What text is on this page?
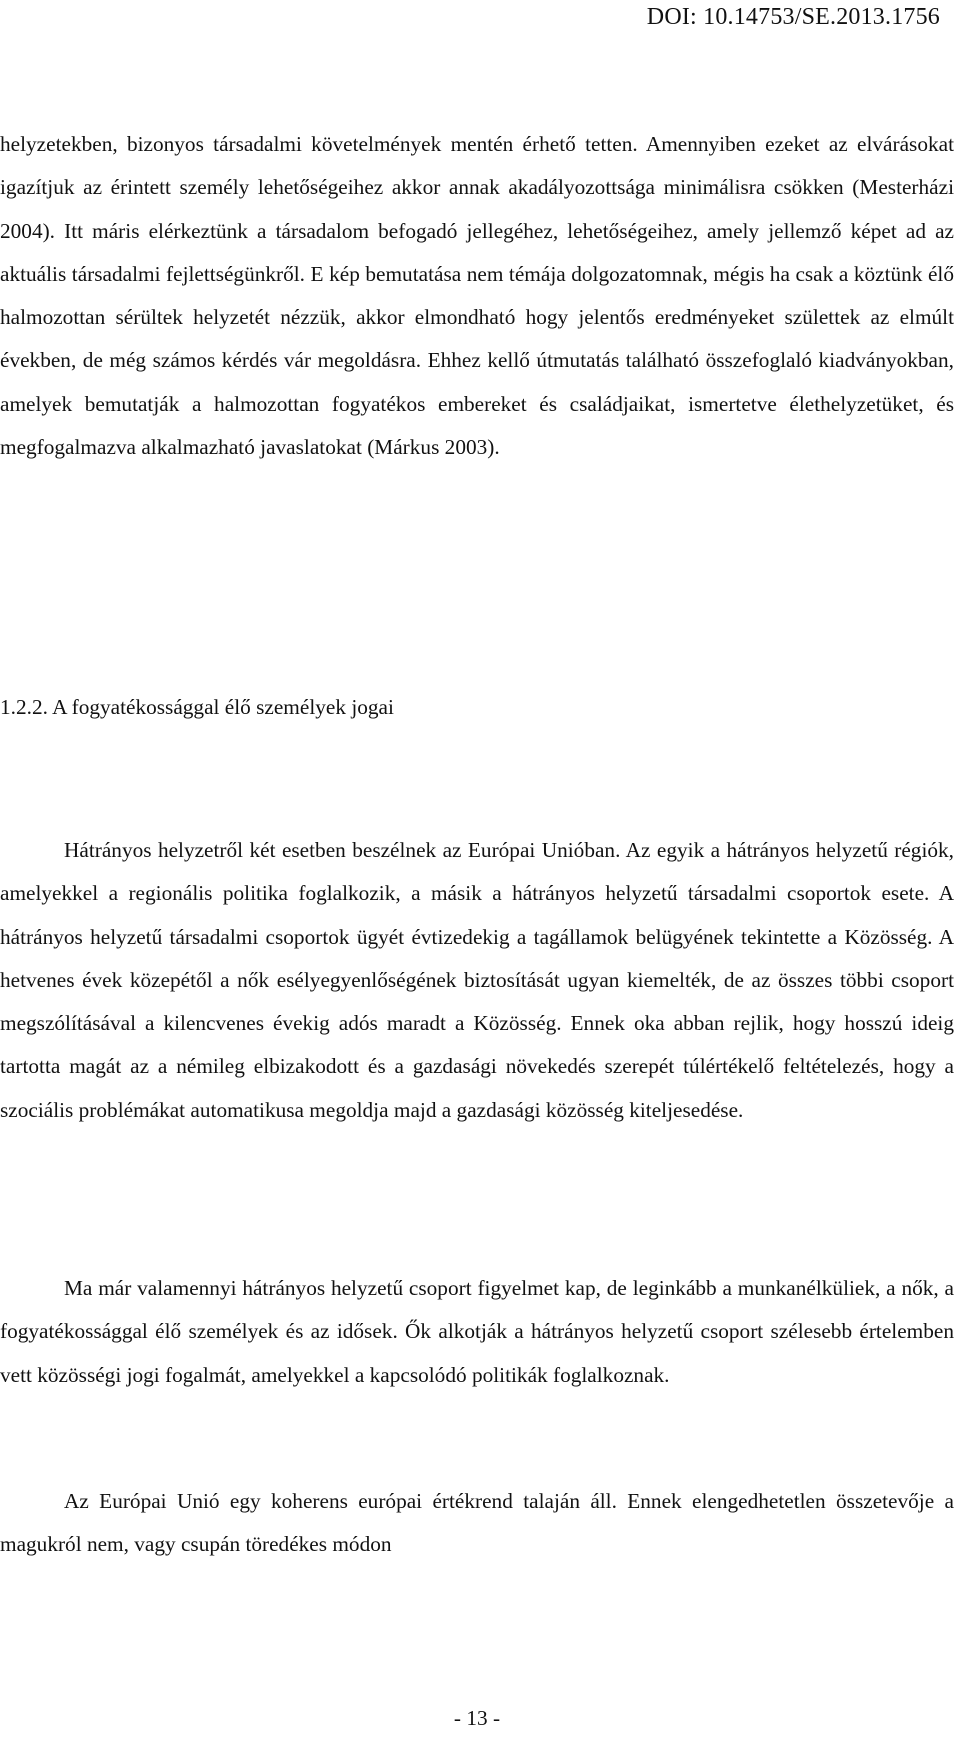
DOI: 10.14753/SE.2013.1756

helyzetekben, bizonyos társadalmi követelmények mentén érhető tetten. Amennyiben ezeket az elvárásokat igazítjuk az érintett személy lehetőségeihez akkor annak akadályozottsága minimálisra csökken (Mesterházi 2004). Itt máris elérkeztünk a társadalom befogadó jellegéhez, lehetőségeihez, amely jellemző képet ad az aktuális társadalmi fejlettségünkről. E kép bemutatása nem témája dolgozatomnak, mégis ha csak a köztünk élő halmozottan sérültek helyzetét nézzük, akkor elmondható hogy jelentős eredményeket születtek az elmúlt években, de még számos kérdés vár megoldásra. Ehhez kellő útmutatás található összefoglaló kiadványokban, amelyek bemutatják a halmozottan fogyatékos embereket és családjaikat, ismertetve élethelyzetüket, és megfogalmazva alkalmazható javaslatokat (Márkus 2003).

1.2.2. A fogyatékossággal élő személyek jogai

Hátrányos helyzetről két esetben beszélnek az Európai Unióban. Az egyik a hátrányos helyzetű régiók, amelyekkel a regionális politika foglalkozik, a másik a hátrányos helyzetű társadalmi csoportok esete. A hátrányos helyzetű társadalmi csoportok ügyét évtizedekig a tagállamok belügyének tekintette a Közösség. A hetvenes évek közepétől a nők esélyegyenlőségének biztosítását ugyan kiemelték, de az összes többi csoport megszólításával a kilencvenes évekig adós maradt a Közösség. Ennek oka abban rejlik, hogy hosszú ideig tartotta magát az a némileg elbizakodott és a gazdasági növekedés szerepét túlértékelő feltételezés, hogy a szociális problémákat automatikusa megoldja majd a gazdasági közösség kiteljesedése.

Ma már valamennyi hátrányos helyzetű csoport figyelmet kap, de leginkább a munkanélküliek, a nők, a fogyatékossággal élő személyek és az idősek. Ők alkotják a hátrányos helyzetű csoport szélesebb értelemben vett közösségi jogi fogalmát, amelyekkel a kapcsolódó politikák foglalkoznak.

Az Európai Unió egy koherens európai értékrend talaján áll. Ennek elengedhetetlen összetevője a magukról nem, vagy csupán töredékes módon

- 13 -
